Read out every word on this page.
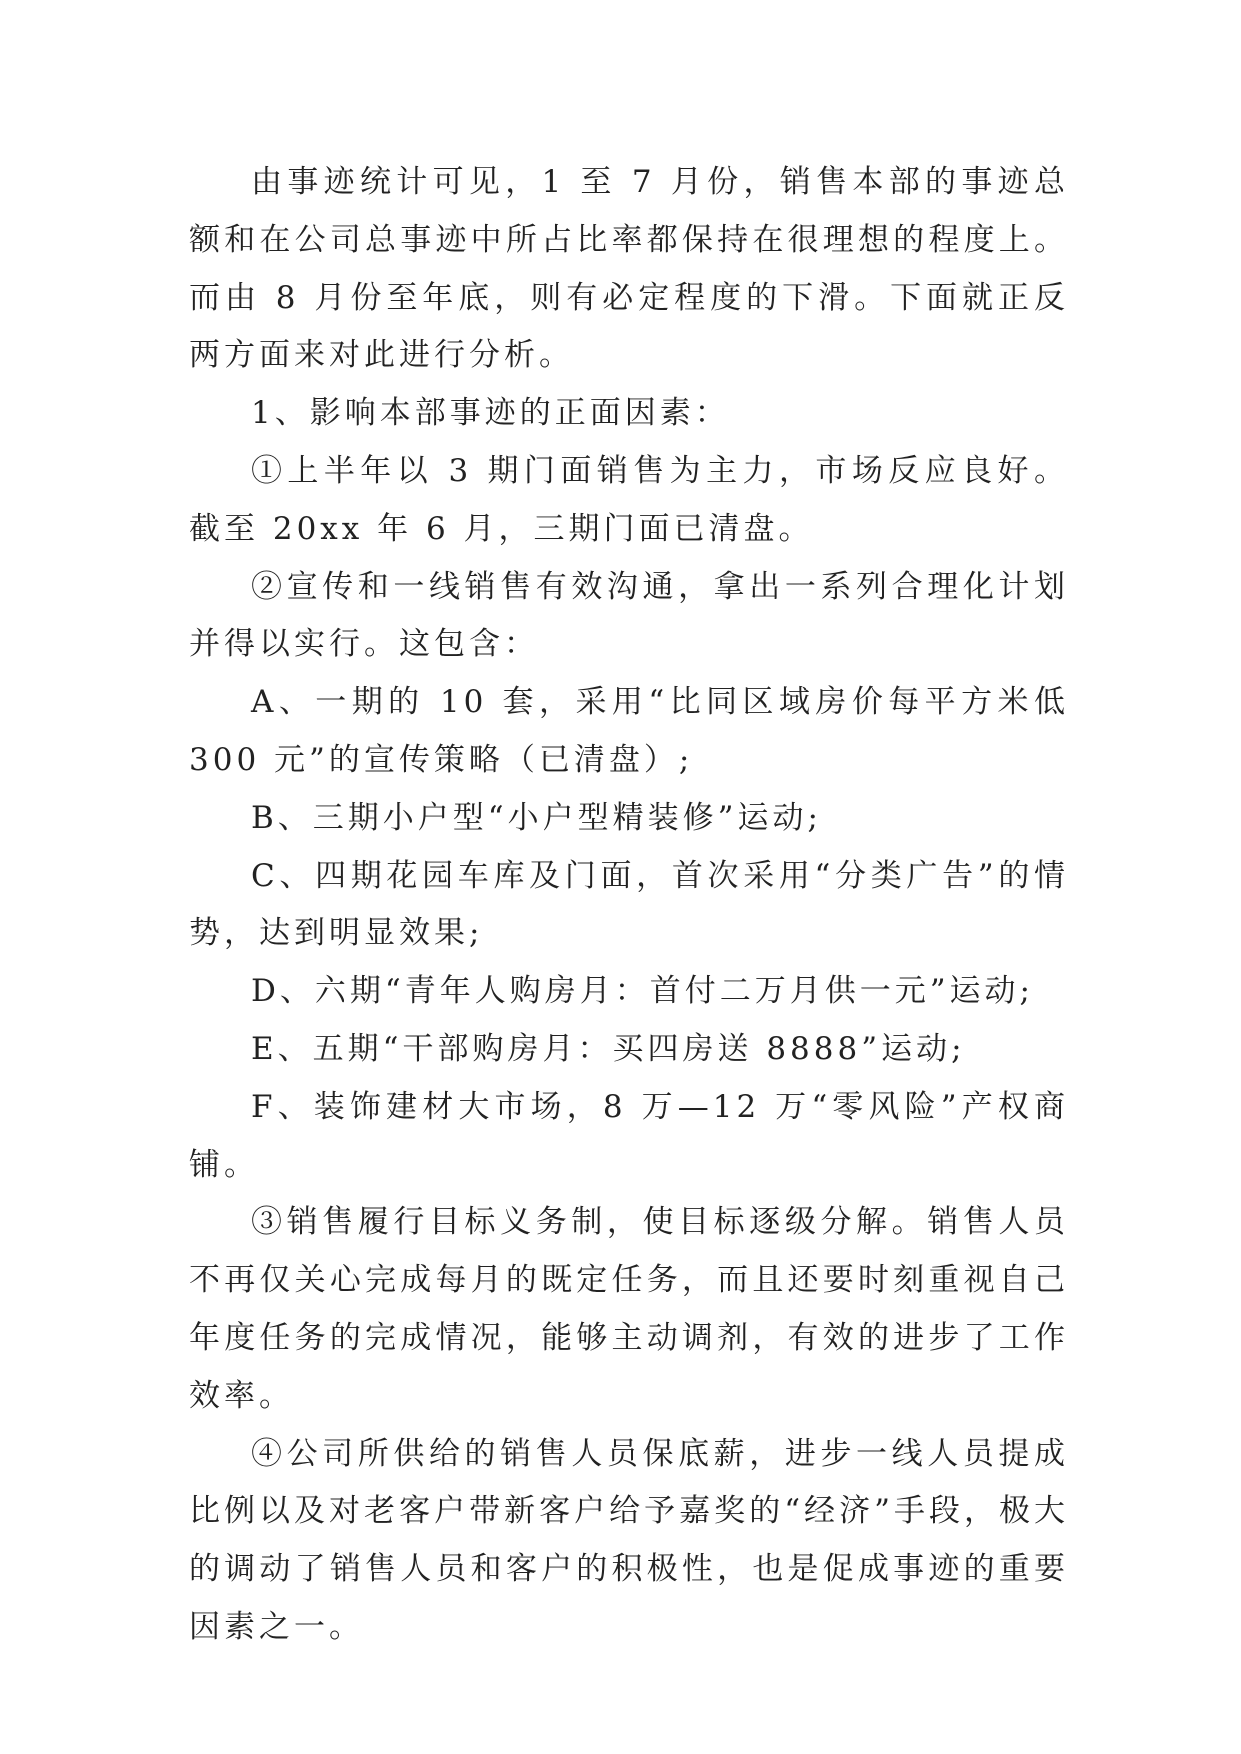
由事迹统计可见，1 至 7 月份，销售本部的事迹总额和在公司总事迹中所占比率都保持在很理想的程度上。而由 8 月份至年底，则有必定程度的下滑。下面就正反两方面来对此进行分析。

1、影响本部事迹的正面因素：

①上半年以 3 期门面销售为主力，市场反应良好。截至 20xx 年 6 月，三期门面已清盘。

②宣传和一线销售有效沟通，拿出一系列合理化计划并得以实行。这包含：

A、一期的 10 套，采用“比同区域房价每平方米低 300 元”的宣传策略（已清盘）;

B、三期小户型“小户型精装修”运动;

C、四期花园车库及门面，首次采用“分类广告”的情势，达到明显效果;

D、六期“青年人购房月：首付二万月供一元”运动;

E、五期“干部购房月：买四房送 8888”运动;

F、装饰建材大市场，8 万—12 万“零风险”产权商铺。

③销售履行目标义务制，使目标逐级分解。销售人员不再仅关心完成每月的既定任务，而且还要时刻重视自己年度任务的完成情况，能够主动调剂，有效的进步了工作效率。

④公司所供给的销售人员保底薪，进步一线人员提成比例以及对老客户带新客户给予嘉奖的“经济”手段，极大的调动了销售人员和客户的积极性，也是促成事迹的重要因素之一。
